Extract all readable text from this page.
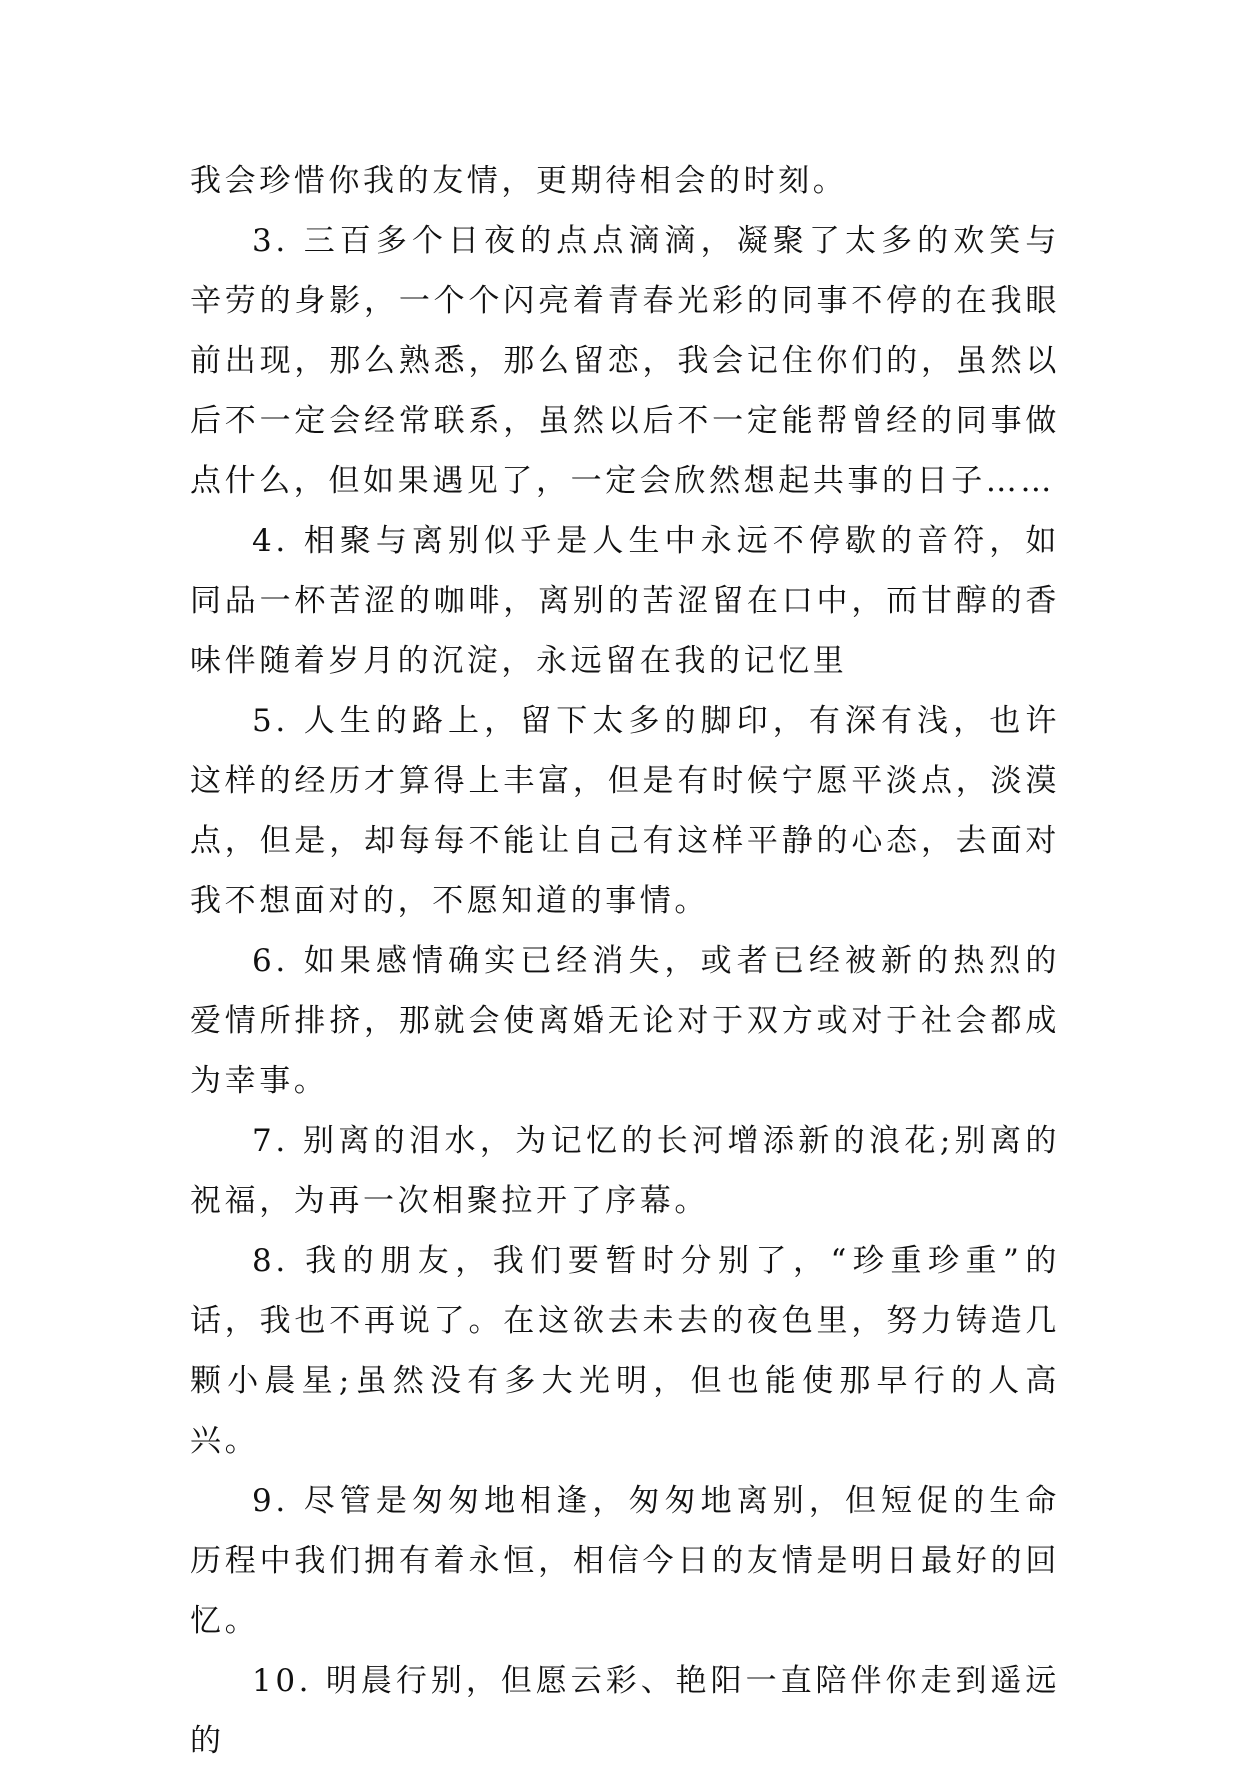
我会珍惜你我的友情，更期待相会的时刻。

3. 三百多个日夜的点点滴滴，凝聚了太多的欢笑与辛劳的身影，一个个闪亮着青春光彩的同事不停的在我眼前出现，那么熟悉，那么留恋，我会记住你们的，虽然以后不一定会经常联系，虽然以后不一定能帮曾经的同事做点什么，但如果遇见了，一定会欣然想起共事的日子……

4. 相聚与离别似乎是人生中永远不停歇的音符，如同品一杯苦涩的咖啡，离别的苦涩留在口中，而甘醇的香味伴随着岁月的沉淀，永远留在我的记忆里

5. 人生的路上，留下太多的脚印，有深有浅，也许这样的经历才算得上丰富，但是有时候宁愿平淡点，淡漠点，但是，却每每不能让自己有这样平静的心态，去面对我不想面对的，不愿知道的事情。

6. 如果感情确实已经消失，或者已经被新的热烈的爱情所排挤，那就会使离婚无论对于双方或对于社会都成为幸事。

7. 别离的泪水，为记忆的长河增添新的浪花;别离的祝福，为再一次相聚拉开了序幕。

8. 我的朋友，我们要暂时分别了，“珍重珍重”的话，我也不再说了。在这欲去未去的夜色里，努力铸造几颗小晨星;虽然没有多大光明，但也能使那早行的人高兴。

9. 尽管是匆匆地相逢，匆匆地离别，但短促的生命历程中我们拥有着永恒，相信今日的友情是明日最好的回忆。

10. 明晨行别，但愿云彩、艳阳一直陪伴你走到遥远的
